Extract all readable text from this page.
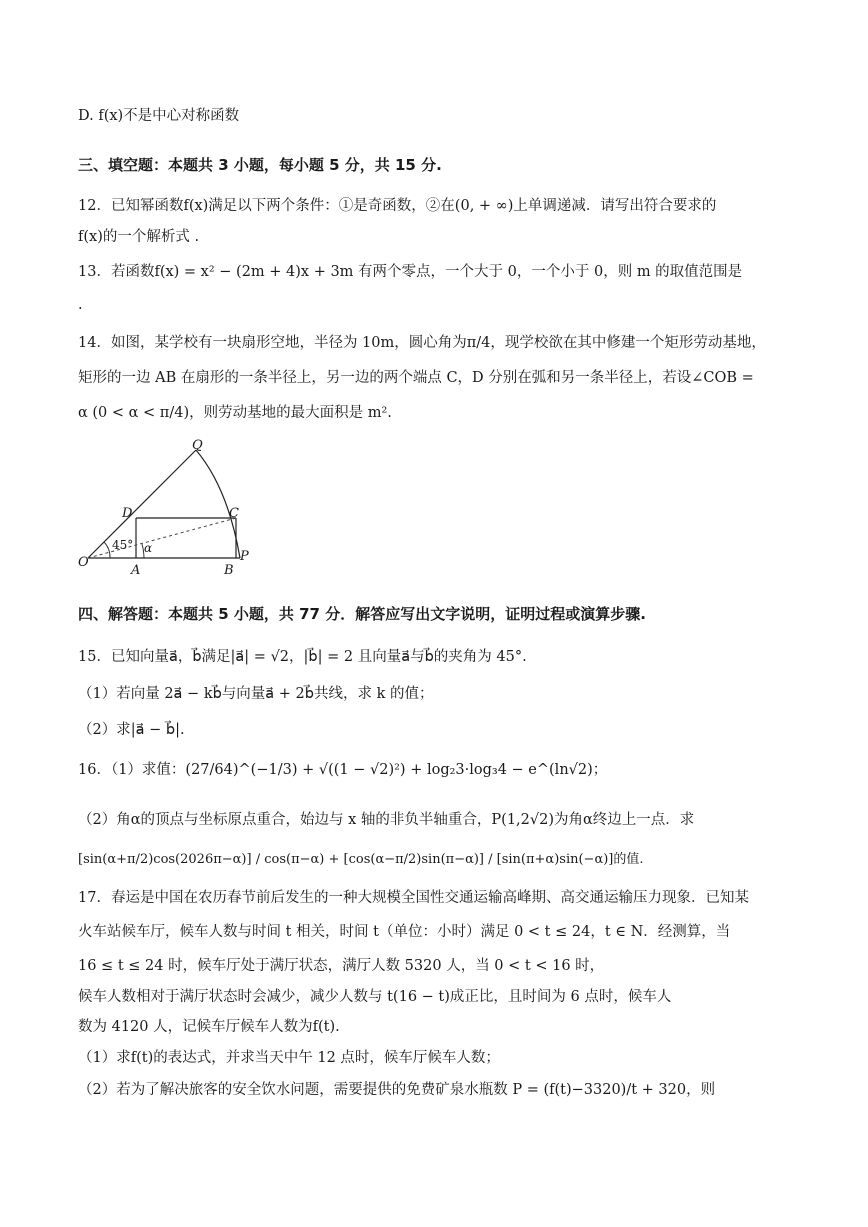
D. f(x)不是中心对称函数
三、填空题：本题共 3 小题，每小题 5 分，共 15 分.
12．已知幂函数f(x)满足以下两个条件：①是奇函数，②在(0, + ∞)上单调递减．请写出符合要求的
f(x)的一个解析式 .
13．若函数f(x) = x² − (2m + 4)x + 3m 有两个零点，一个大于 0，一个小于 0，则 m 的取值范围是
.
14．如图，某学校有一块扇形空地，半径为 10m，圆心角为π/4，现学校欲在其中修建一个矩形劳动基地，
矩形的一边 AB 在扇形的一条半径上，另一边的两个端点 C，D 分别在弧和另一条半径上，若设∠COB =
α (0 < α < π/4)，则劳动基地的最大面积是 m².
Q
D	C
O
A	B
P
45° α
四、解答题：本题共 5 小题，共 77 分．解答应写出文字说明，证明过程或演算步骤.
15．已知向量a⃗，b⃗满足|a⃗| = √2，|b⃗| = 2 且向量a⃗与b⃗的夹角为 45°.
（1）若向量 2a⃗ − kb⃗与向量a⃗ + 2b⃗共线，求 k 的值；
（2）求|a⃗ − b⃗|.
16．（1）求值：(27/64)^(−1/3) + √((1 − √2)²) + log₂3·log₃4 − e^(ln√2)；
（2）角α的顶点与坐标原点重合，始边与 x 轴的非负半轴重合，P(1,2√2)为角α终边上一点．求
[sin(α+π/2)cos(2026π−α)] / cos(π−α) + [cos(α−π/2)sin(π−α)] / [sin(π+α)sin(−α)]的值.
17．春运是中国在农历春节前后发生的一种大规模全国性交通运输高峰期、高交通运输压力现象．已知某
火车站候车厅，候车人数与时间 t 相关，时间 t（单位：小时）满足 0 < t ≤ 24，t ∈ N．经测算，当
16 ≤ t ≤ 24 时，候车厅处于满厅状态，满厅人数 5320 人，当 0 < t < 16 时，
候车人数相对于满厅状态时会减少，减少人数与 t(16 − t)成正比，且时间为 6 点时，候车人
数为 4120 人，记候车厅候车人数为f(t).
（1）求f(t)的表达式，并求当天中午 12 点时，候车厅候车人数；
（2）若为了解决旅客的安全饮水问题，需要提供的免费矿泉水瓶数 P = (f(t)−3320)/t + 320，则
